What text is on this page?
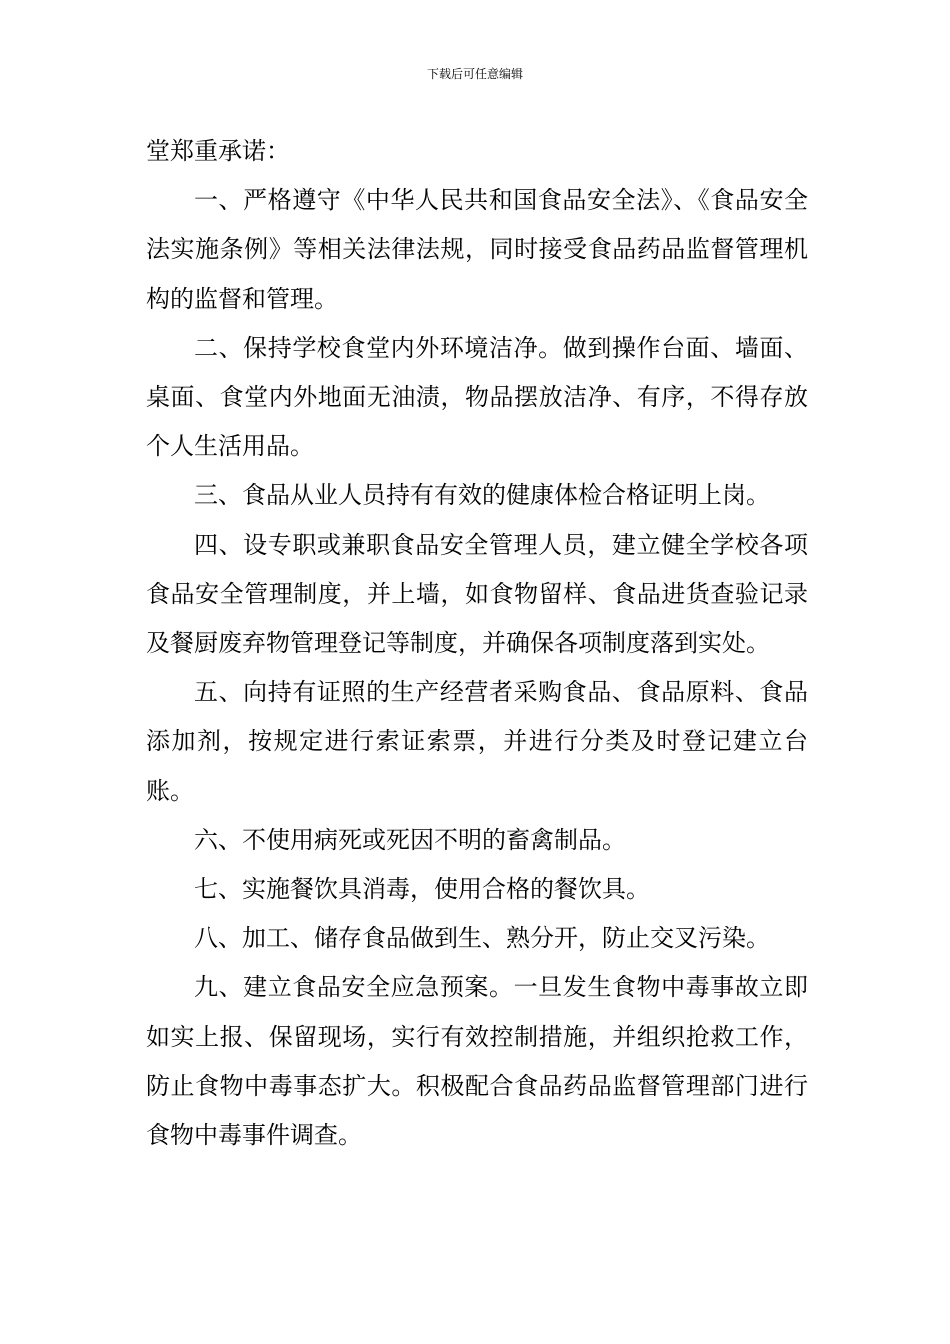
下载后可任意编辑

堂郑重承诺：

一、严格遵守《中华人民共和国食品安全法》、《食品安全法实施条例》等相关法律法规，同时接受食品药品监督管理机构的监督和管理。

二、保持学校食堂内外环境洁净。做到操作台面、墙面、桌面、食堂内外地面无油渍，物品摆放洁净、有序，不得存放个人生活用品。

三、食品从业人员持有有效的健康体检合格证明上岗。

四、设专职或兼职食品安全管理人员，建立健全学校各项食品安全管理制度，并上墙，如食物留样、食品进货查验记录及餐厨废弃物管理登记等制度，并确保各项制度落到实处。

五、向持有证照的生产经营者采购食品、食品原料、食品添加剂，按规定进行索证索票，并进行分类及时登记建立台账。

六、不使用病死或死因不明的畜禽制品。

七、实施餐饮具消毒，使用合格的餐饮具。

八、加工、储存食品做到生、熟分开，防止交叉污染。

九、建立食品安全应急预案。一旦发生食物中毒事故立即如实上报、保留现场，实行有效控制措施，并组织抢救工作，防止食物中毒事态扩大。积极配合食品药品监督管理部门进行食物中毒事件调查。
